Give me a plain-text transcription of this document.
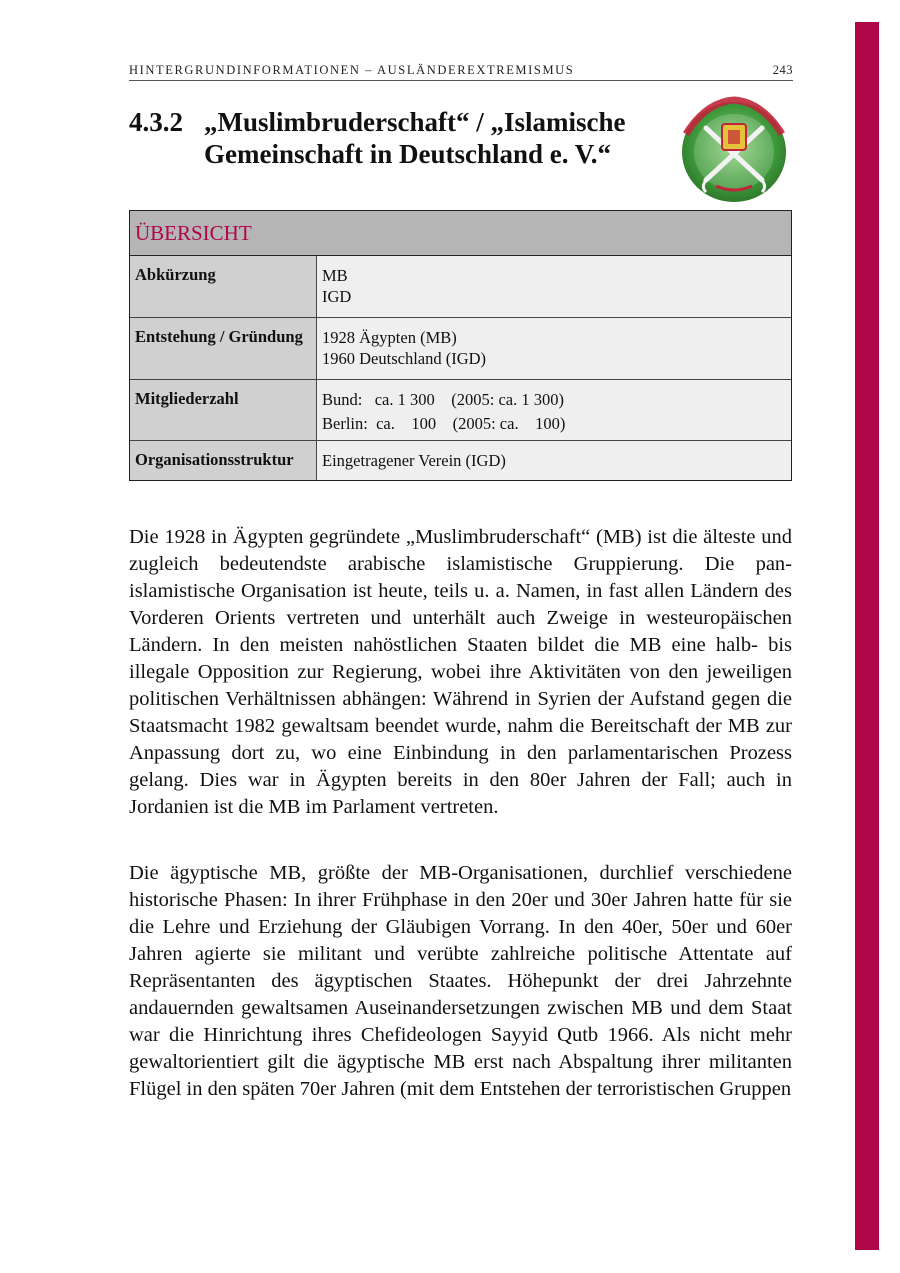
HINTERGRUNDINFORMATIONEN – AUSLÄNDEREXTREMISMUS	243
4.3.2 „Muslimbruderschaft“ / „Islamische
Gemeinschaft in Deutschland e. V.“
ÜBERSICHT
Abkürzung	MB
IGD
Entstehung / Gründung	1928 Ägypten (MB)
1960 Deutschland (IGD)
Mitgliederzahl	Bund:   ca. 1 300    (2005: ca. 1 300)
Berlin:  ca.    100    (2005: ca.    100)
Organisationsstruktur	Eingetragener Verein (IGD)

Die 1928 in Ägypten gegründete „Muslimbruderschaft“ (MB) ist die älteste und zugleich bedeutendste arabische islamistische Gruppierung. Die pan-islamistische Organisation ist heute, teils u. a. Namen, in fast allen Ländern des Vorderen Orients vertreten und unterhält auch Zweige in westeuropäischen Ländern. In den meisten nahöstlichen Staaten bildet die MB eine halb- bis illegale Opposition zur Regierung, wobei ihre Aktivitäten von den jeweiligen politischen Verhältnissen abhängen: Während in Syrien der Aufstand gegen die Staatsmacht 1982 gewaltsam beendet wurde, nahm die Bereitschaft der MB zur Anpassung dort zu, wo eine Einbindung in den parlamentarischen Prozess gelang. Dies war in Ägypten bereits in den 80er Jahren der Fall; auch in Jordanien ist die MB im Parlament vertreten.

Die ägyptische MB, größte der MB-Organisationen, durchlief verschiedene historische Phasen: In ihrer Frühphase in den 20er und 30er Jahren hatte für sie die Lehre und Erziehung der Gläubigen Vorrang. In den 40er, 50er und 60er Jahren agierte sie militant und verübte zahlreiche politische Attentate auf Repräsentanten des ägyptischen Staates. Höhepunkt der drei Jahrzehnte andauernden gewaltsamen Auseinandersetzungen zwischen MB und dem Staat war die Hinrichtung ihres Chefideologen Sayyid Qutb 1966. Als nicht mehr gewaltorientiert gilt die ägyptische MB erst nach Abspaltung ihrer militanten Flügel in den späten 70er Jahren (mit dem Entstehen der terroristischen Gruppen
